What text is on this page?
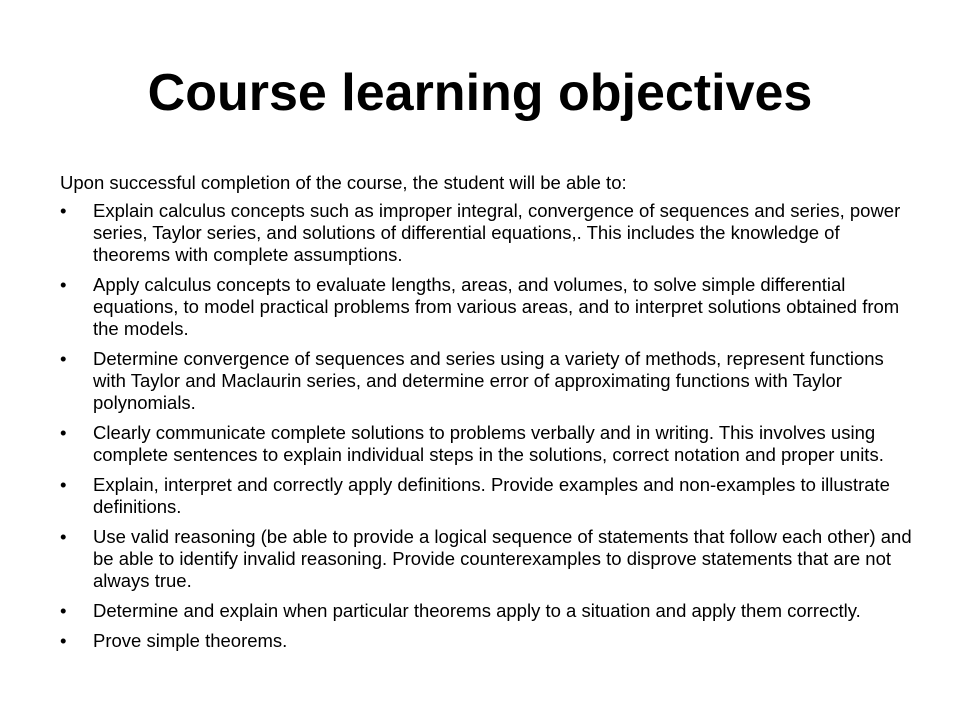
Course learning objectives

Upon successful completion of the course, the student will be able to:

•	Explain calculus concepts such as improper integral, convergence of sequences and series, power series, Taylor series, and solutions of differential equations,. This includes the knowledge of theorems with complete assumptions.
•	Apply calculus concepts to evaluate lengths, areas, and volumes, to solve simple differential equations, to model practical problems from various areas, and to interpret solutions obtained from the models.
•	Determine convergence of sequences and series using a variety of methods, represent functions with Taylor and Maclaurin series, and determine error of approximating functions with Taylor polynomials.
•	Clearly communicate complete solutions to problems verbally and in writing. This involves using complete sentences to explain individual steps in the solutions, correct notation and proper units.
•	Explain, interpret and correctly apply definitions. Provide examples and non-examples to illustrate definitions.
•	Use valid reasoning (be able to provide a logical sequence of statements that follow each other) and be able to identify invalid reasoning. Provide counterexamples to disprove statements that are not always true.
•	Determine and explain when particular theorems apply to a situation and apply them correctly.
•	Prove simple theorems.
